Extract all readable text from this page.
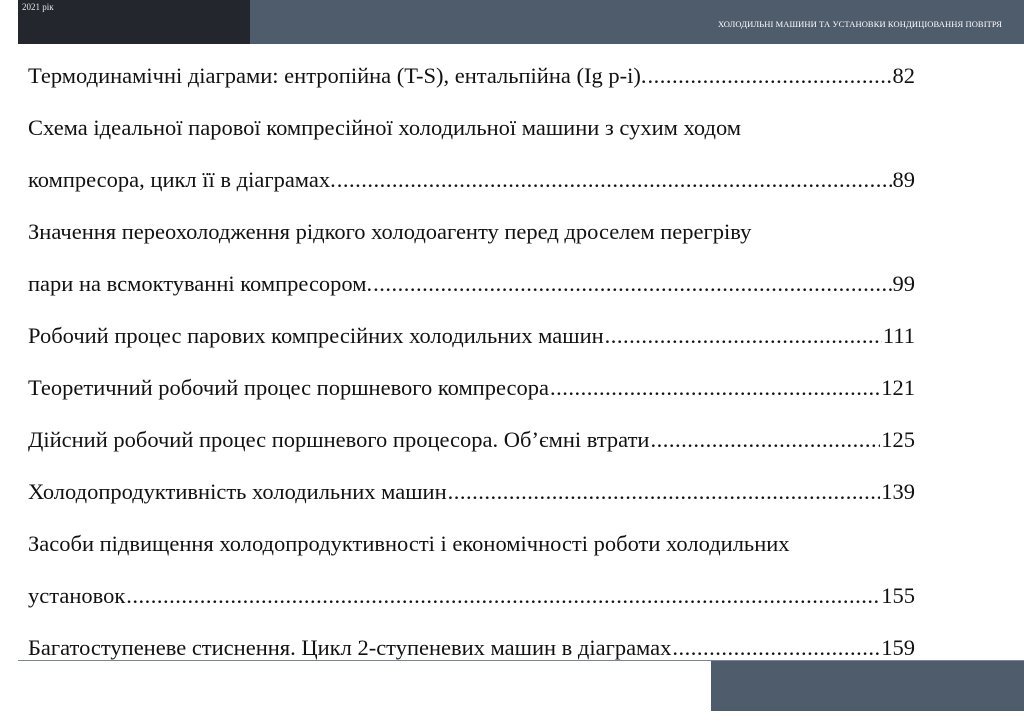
2021 рік
ХОЛОДИЛЬНІ МАШИНИ ТА УСТАНОВКИ КОНДИЦІОВАННЯ ПОВІТРЯ
Термодинамічні діаграми: ентропійна (T-S), ентальпійна (Ig p-i). .....	82
Схема ідеальної парової компресійної холодильної машини з сухим ходом
компресора, цикл її в діаграмах. .....	89
Значення переохолодження рідкого холодоагенту перед дроселем перегріву
пари на всмоктуванні компресором. .....	99
Робочий процес парових компресійних холодильних машин .....	111
Теоретичний робочий процес поршневого компресора .....	121
Дійсний робочий процес поршневого процесора. Об’ємні втрати .....	125
Холодопродуктивність холодильних машин .....	139
Засоби підвищення холодопродуктивності і економічності роботи холодильних
установок .....	155
Багатоступеневе стиснення. Цикл 2-ступеневих машин в діаграмах .....	159
